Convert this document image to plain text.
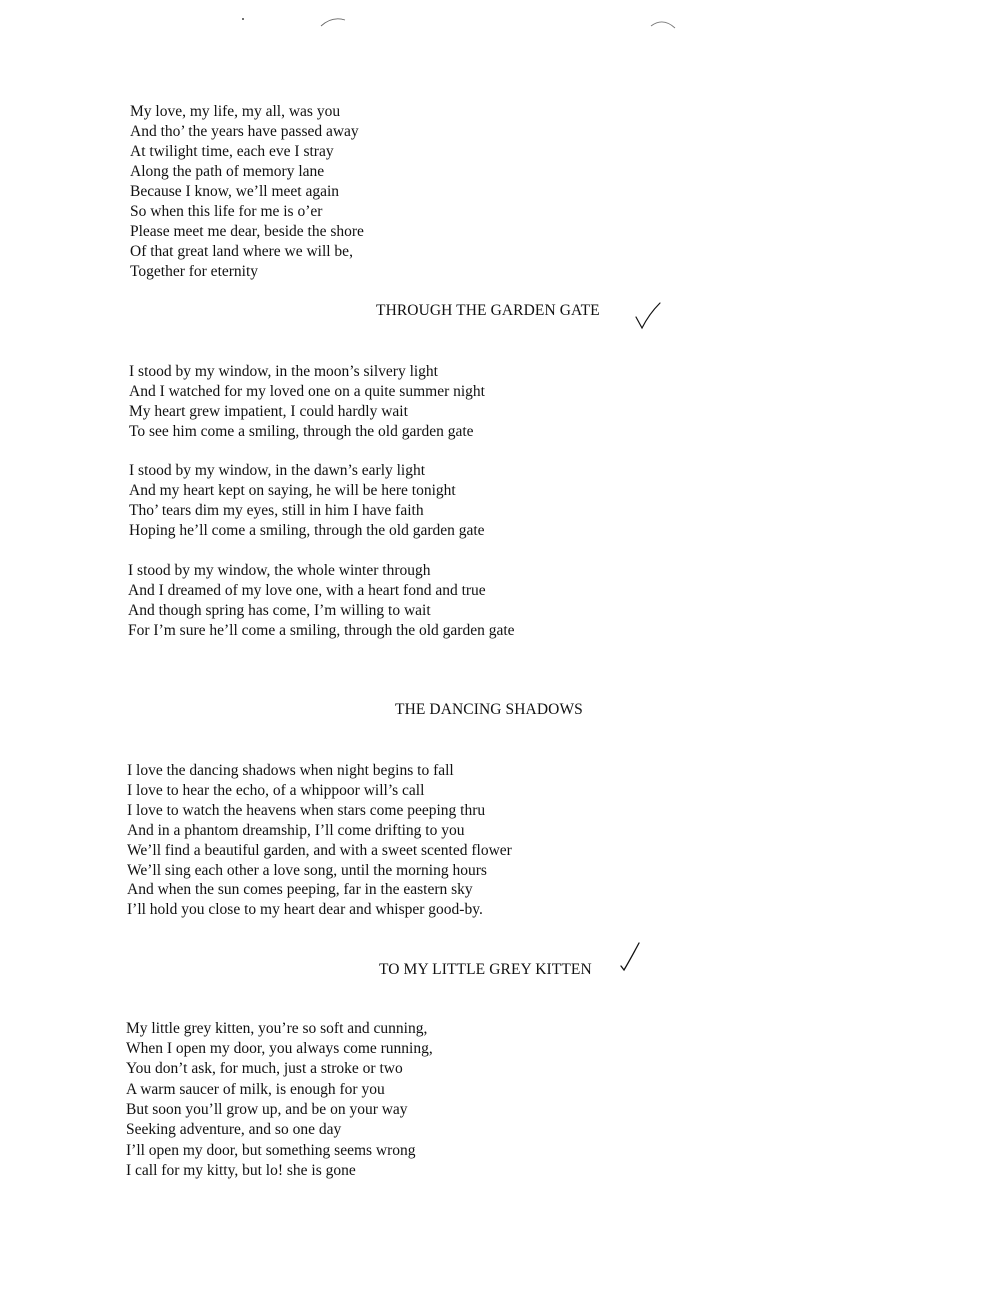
My love, my life, my all, was you
And tho’ the years have passed away
At twilight time, each eve I stray
Along the path of memory lane
Because I know, we’ll meet again
So when this life for me is o’er
Please meet me dear, beside the shore
Of that great land where we will be,
Together for eternity
THROUGH THE GARDEN GATE
I stood by my window, in the moon’s silvery light
And I watched for my loved one on a quite summer night
My heart grew impatient, I could hardly wait
To see him come a smiling, through the old garden gate
I stood by my window, in the dawn’s early light
And my heart kept on saying, he will be here tonight
Tho’ tears dim my eyes, still in him I have faith
Hoping he’ll come a smiling, through the old garden gate
I stood by my window, the whole winter through
And I dreamed of my love one, with a heart fond and true
And though spring has come, I’m willing to wait
For I’m sure he’ll come a smiling, through the old garden gate
THE DANCING SHADOWS
I love the dancing shadows when night begins to fall
I love to hear the echo, of a whippoor will’s call
I love to watch the heavens when stars come peeping thru
And in a phantom dreamship, I’ll come drifting to you
We’ll find a beautiful garden, and with a sweet scented flower
We’ll sing each other a love song, until the morning hours
And when the sun comes peeping, far in the eastern sky
I’ll hold you close to my heart dear and whisper good-by.
TO MY LITTLE GREY KITTEN
My little grey kitten, you’re so soft and cunning,
When I open my door, you always come running,
You don’t ask, for much, just a stroke or two
A warm saucer of milk, is enough for you
But soon you’ll grow up, and be on your way
Seeking adventure, and so one day
I’ll open my door, but something seems wrong
I call for my kitty, but lo! she is gone
